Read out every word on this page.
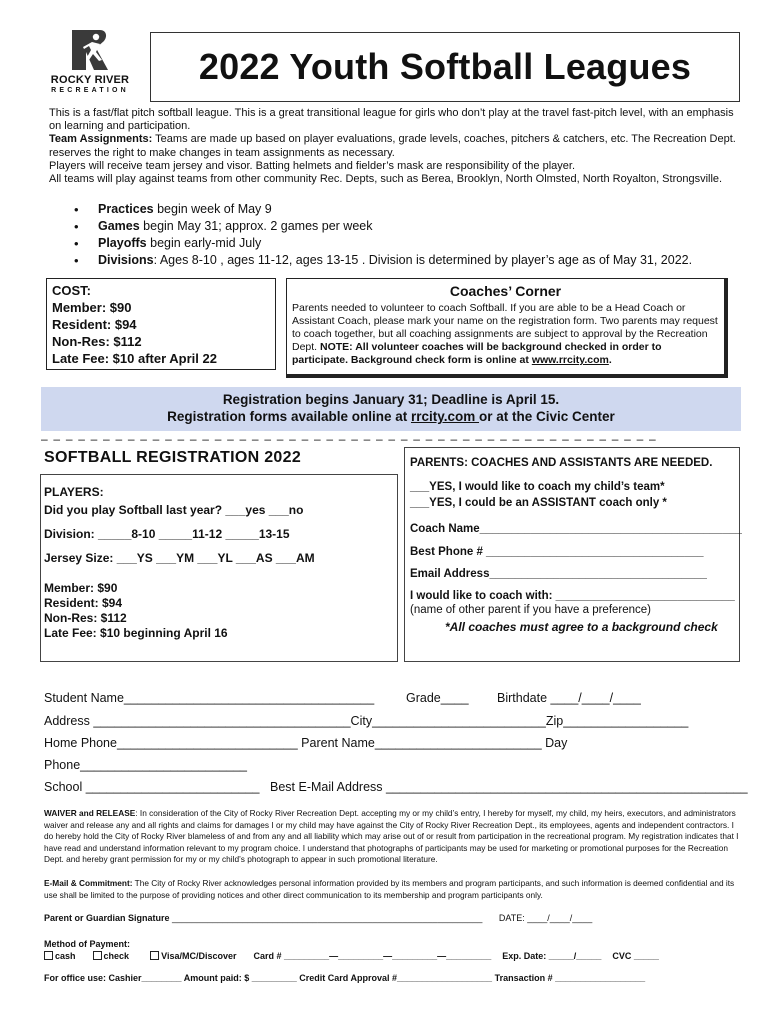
ROCKY RIVER
RECREATION
2022 Youth Softball Leagues

This is a fast/flat pitch softball league. This is a great transitional league for girls who don’t play at the travel fast-pitch level, with an emphasis on learning and participation.

Team Assignments: Teams are made up based on player evaluations, grade levels, coaches, pitchers & catchers, etc. The Recreation Dept. reserves the right to make changes in team assignments as necessary.

Players will receive team jersey and visor. Batting helmets and fielder’s mask are responsibility of the player.

All teams will play against teams from other community Rec. Depts, such as Berea, Brooklyn, North Olmsted, North Royalton, Strongsville.

• Practices begin week of May 9
• Games begin May 31; approx. 2 games per week
• Playoffs begin early-mid July
• Divisions: Ages 8-10 , ages 11-12, ages 13-15 . Division is determined by player’s age as of May 31, 2022.
COST:
Member: $90
Resident: $94
Non-Res: $112
Late Fee: $10 after April 22
Coaches’ Corner
Parents needed to volunteer to coach Softball. If you are able to be a Head Coach or Assistant Coach, please mark your name on the registration form. Two parents may request to coach together, but all coaching assignments are subject to approval by the Recreation Dept. NOTE: All volunteer coaches will be background checked in order to participate. Background check form is online at www.rrcity.com.
Registration begins January 31; Deadline is April 15.
Registration forms available online at rrcity.com or at the Civic Center
– – – – – – – – – – – – – – – – – – – – – – – – – – – – – – – – – – – – – – – – – – – – – – – – – –
SOFTBALL REGISTRATION 2022
PLAYERS:
Did you play Softball last year? ___yes ___no
Division: _____8-10 _____11-12 _____13-15
Jersey Size: ___YS ___YM ___YL ___AS ___AM
Member: $90
Resident: $94
Non-Res: $112
Late Fee: $10 beginning April 16
PARENTS: COACHES AND ASSISTANTS ARE NEEDED.
___YES, I would like to coach my child’s team*
___YES, I could be an ASSISTANT coach only *
Coach Name_________________________________________
Best Phone # __________________________________
Email Address__________________________________
I would like to coach with: ____________________________
(name of other parent if you have a preference)
*All coaches must agree to a background check
Student Name____________________________________	Grade____ Birthdate ____/____/____
Address _____________________________________City_________________________Zip__________________
Home Phone__________________________ Parent Name________________________ Day
Phone________________________
School _________________________ Best E-Mail Address ____________________________________________________
WAIVER and RELEASE: In consideration of the City of Rocky River Recreation Dept. accepting my or my child’s entry, I hereby for myself, my child, my heirs, executors, and administrators waiver and release any and all rights and claims for damages I or my child may have against the City of Rocky River Recreation Dept., its employees, agents and independent contractors. I do hereby hold the City of Rocky River blameless of and from any and all liability which may arise out of or result from participation in the recreational program. My registration indicates that I have read and understand information relevant to my program choice. I understand that photographs of participants may be used for marketing or promotional purposes for the Recreation Dept. and hereby grant permission for my or my child’s photograph to appear in such promotional literature.
E-Mail & Commitment: The City of Rocky River acknowledges personal information provided by its members and program participants, and such information is deemed confidential and its use shall be limited to the purpose of providing notices and other direct communication to its membership and program participants only.
Parent or Guardian Signature ______________________________________________________________ DATE: ____/____/____
Method of Payment:
cash	check	Visa/MC/Discover Card # _________—_________—_________—_________ Exp. Date: _____/_____ CVC _____
For office use: Cashier________ Amount paid: $ _________ Credit Card Approval #___________________ Transaction # __________________
